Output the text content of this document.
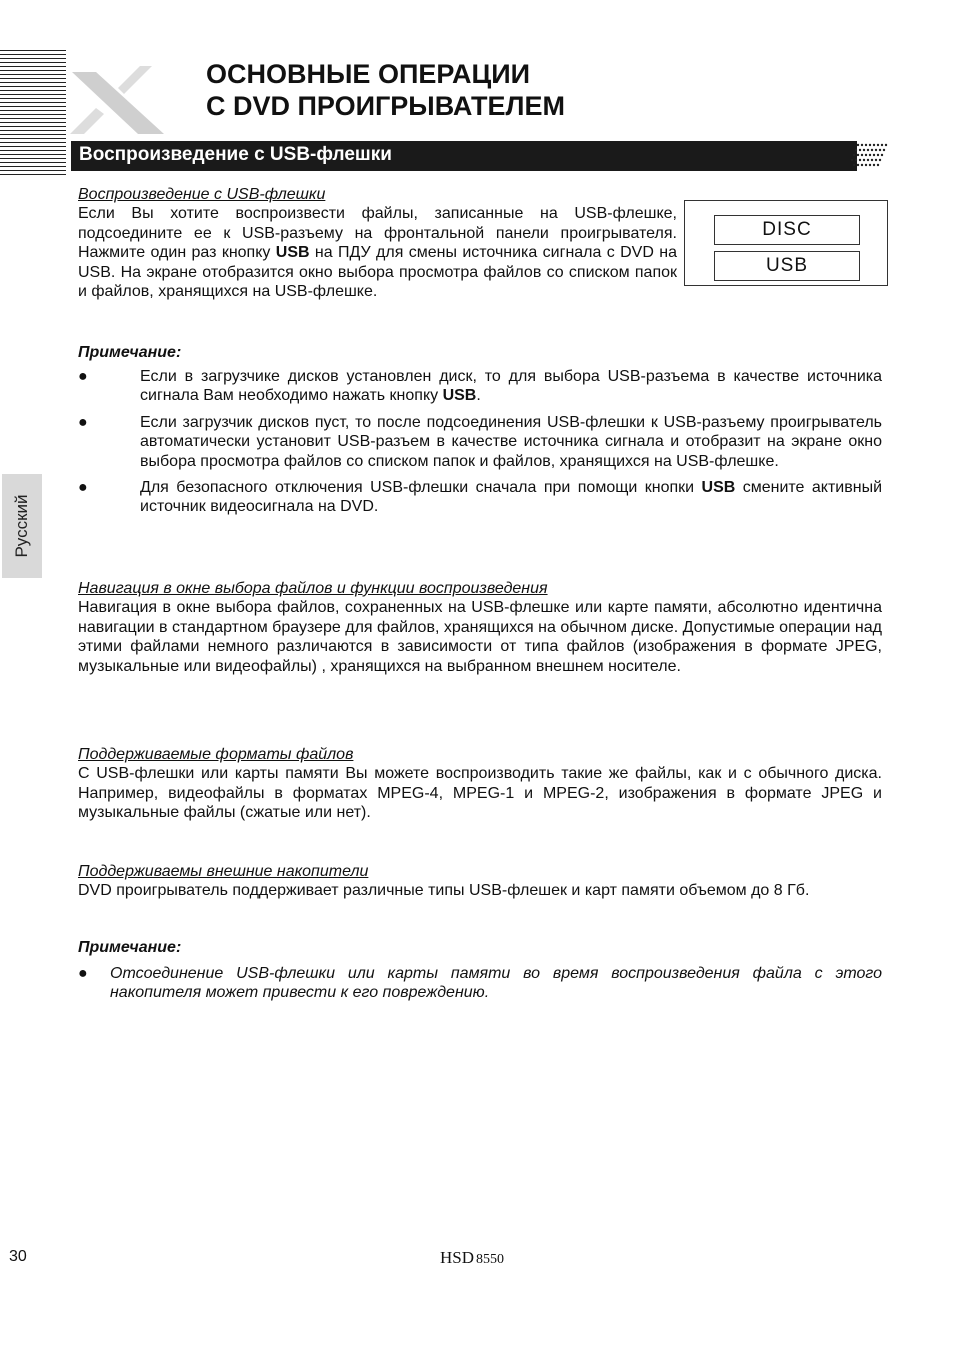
ОСНОВНЫЕ ОПЕРАЦИИ
С DVD ПРОИГРЫВАТЕЛЕМ
Воспроизведение с USB-флешки
Русский
Воспроизведение с USB-флешки
Если Вы хотите воспроизвести файлы, записанные на USB-флешке, подсоедините ее к USB-разъему на фронтальной панели проигрывателя. Нажмите один раз кнопку USB на ПДУ для смены источника сигнала с DVD на USB. На экране отобразится окно выбора просмотра файлов со списком папок и файлов, хранящихся на USB-флешке.
DISC
USB
Примечание:
●	Если в загрузчике дисков установлен диск, то для выбора USB-разъема в качестве источника сигнала Вам необходимо нажать кнопку USB.
●	Если загрузчик дисков пуст, то после подсоединения USB-флешки к USB-разъему проигрыватель автоматически установит USB-разъем в качестве источника сигнала и отобразит на экране окно выбора просмотра файлов со списком папок и файлов, хранящихся на USB-флешке.
●	Для безопасного отключения USB-флешки сначала при помощи кнопки USB смените активный источник видеосигнала на DVD.
Навигация в окне выбора файлов и функции воспроизведения
Навигация в окне выбора файлов, сохраненных на USB-флешке или карте памяти, абсолютно идентична навигации в стандартном браузере для файлов, хранящихся на обычном диске. Допустимые операции над этими файлами немного различаются в зависимости от типа файлов (изображения в формате JPEG, музыкальные или видеофайлы) , хранящихся на выбранном внешнем носителе.
Поддерживаемые форматы файлов
С USB-флешки или карты памяти Вы можете воспроизводить такие же файлы, как и с обычного диска. Например, видеофайлы в форматах MPEG-4, MPEG-1 и MPEG-2, изображения в формате JPEG и музыкальные файлы (сжатые или нет).
Поддерживаемы внешние накопители
DVD проигрыватель поддерживает различные типы USB-флешек и карт памяти объемом до 8 Гб.
Примечание:
● Отсоединение USB-флешки или карты памяти во время воспроизведения файла с этого накопителя может привести к его повреждению.
30	HSD 8550
